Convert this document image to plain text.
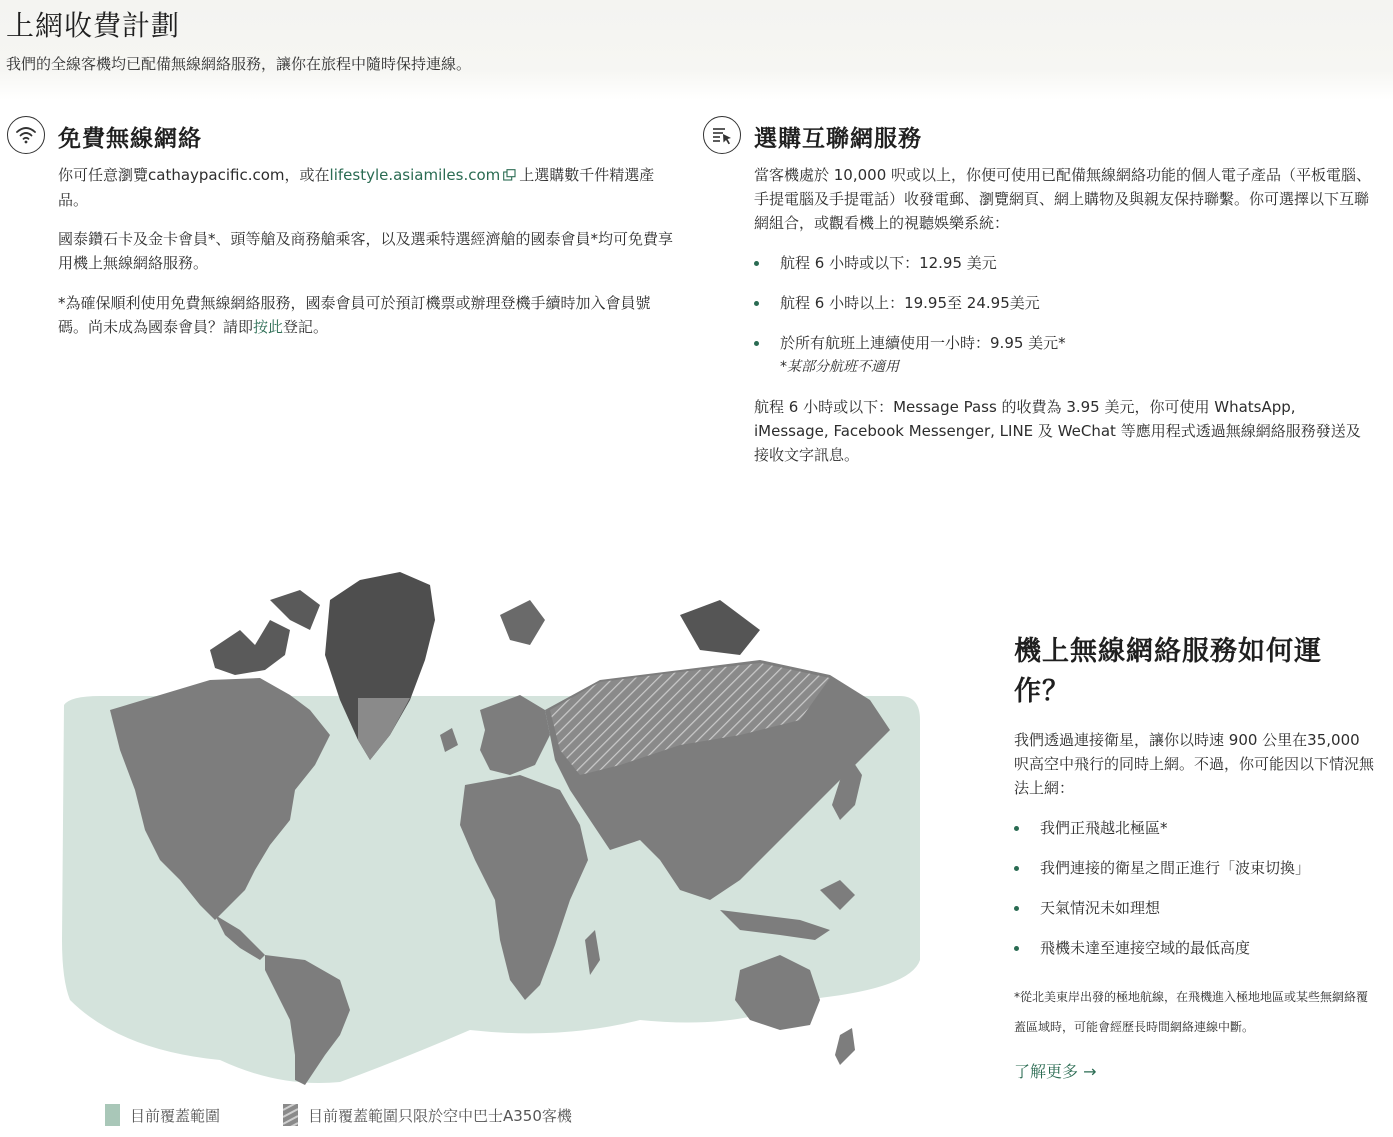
上網收費計劃

我們的全線客機均已配備無線網絡服務，讓你在旅程中隨時保持連線。

免費無線網絡

你可任意瀏覽cathaypacific.com，或在lifestyle.asiamiles.com 上選購數千件精選產品。

國泰鑽石卡及金卡會員*、頭等艙及商務艙乘客，以及選乘特選經濟艙的國泰會員*均可免費享用機上無線網絡服務。

*為確保順利使用免費無線網絡服務，國泰會員可於預訂機票或辦理登機手續時加入會員號碼。尚未成為國泰會員？請即按此登記。

選購互聯網服務

當客機處於 10,000 呎或以上，你便可使用已配備無線網絡功能的個人電子產品（平板電腦、手提電腦及手提電話）收發電郵、瀏覽網頁、網上購物及與親友保持聯繫。你可選擇以下互聯網組合，或觀看機上的視聽娛樂系統：

航程 6 小時或以下：12.95 美元
航程 6 小時以上：19.95至 24.95美元
於所有航班上連續使用一小時：9.95 美元*
*某部分航班不適用

航程 6 小時或以下：Message Pass 的收費為 3.95 美元，你可使用 WhatsApp, iMessage, Facebook Messenger, LINE 及 WeChat 等應用程式透過無線網絡服務發送及接收文字訊息。

目前覆蓋範圍	目前覆蓋範圍只限於空中巴士A350客機
機上無線網絡服務如何運作？

我們透過連接衛星，讓你以時速 900 公里在35,000呎高空中飛行的同時上網。不過，你可能因以下情況無法上網：

我們正飛越北極區*
我們連接的衛星之間正進行「波束切換」
天氣情況未如理想
飛機未達至連接空域的最低高度

*從北美東岸出發的極地航線，在飛機進入極地地區或某些無網絡覆蓋區域時，可能會經歷長時間網絡連線中斷。

了解更多 →
